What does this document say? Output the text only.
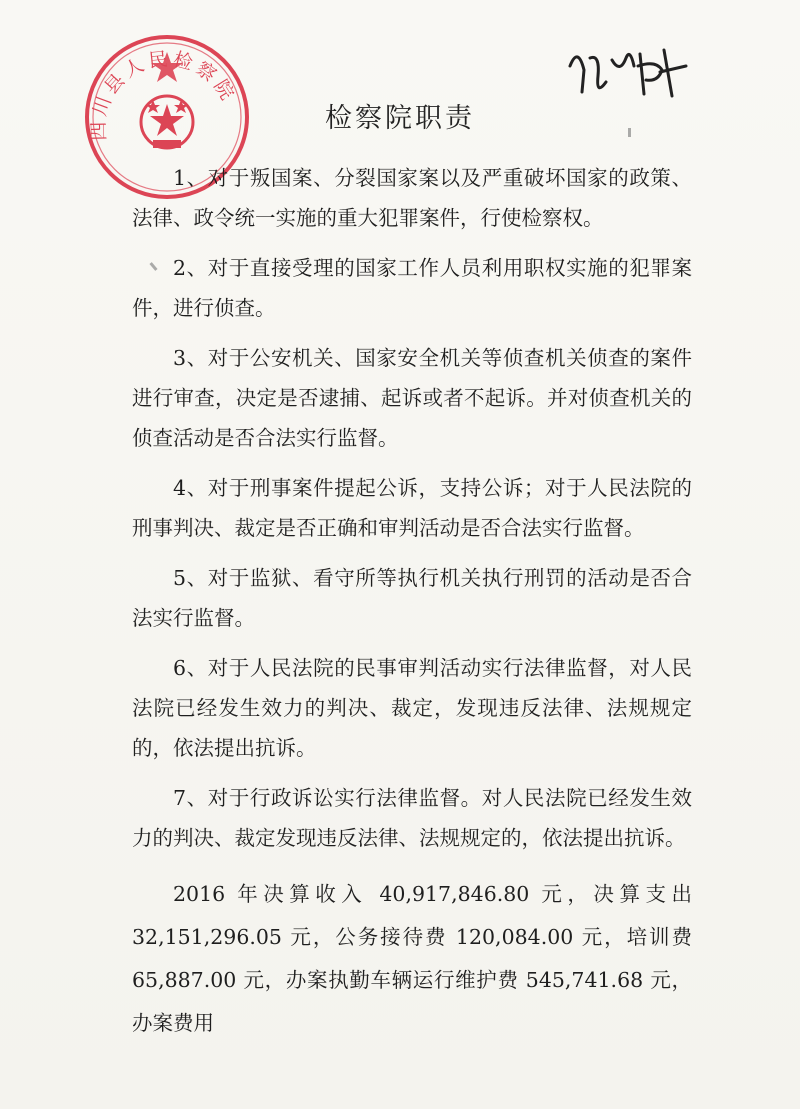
四川县人民检察院
检察院职责

1、对于叛国案、分裂国家案以及严重破坏国家的政策、法律、政令统一实施的重大犯罪案件，行使检察权。

2、对于直接受理的国家工作人员利用职权实施的犯罪案件，进行侦查。

3、对于公安机关、国家安全机关等侦查机关侦查的案件进行审查，决定是否逮捕、起诉或者不起诉。并对侦查机关的侦查活动是否合法实行监督。

4、对于刑事案件提起公诉，支持公诉；对于人民法院的刑事判决、裁定是否正确和审判活动是否合法实行监督。

5、对于监狱、看守所等执行机关执行刑罚的活动是否合法实行监督。

6、对于人民法院的民事审判活动实行法律监督，对人民法院已经发生效力的判决、裁定，发现违反法律、法规规定的，依法提出抗诉。

7、对于行政诉讼实行法律监督。对人民法院已经发生效力的判决、裁定发现违反法律、法规规定的，依法提出抗诉。

2016 年决算收入 40,917,846.80 元，决算支出 32,151,296.05 元，公务接待费 120,084.00 元，培训费 65,887.00 元，办案执勤车辆运行维护费 545,741.68 元，办案费用
